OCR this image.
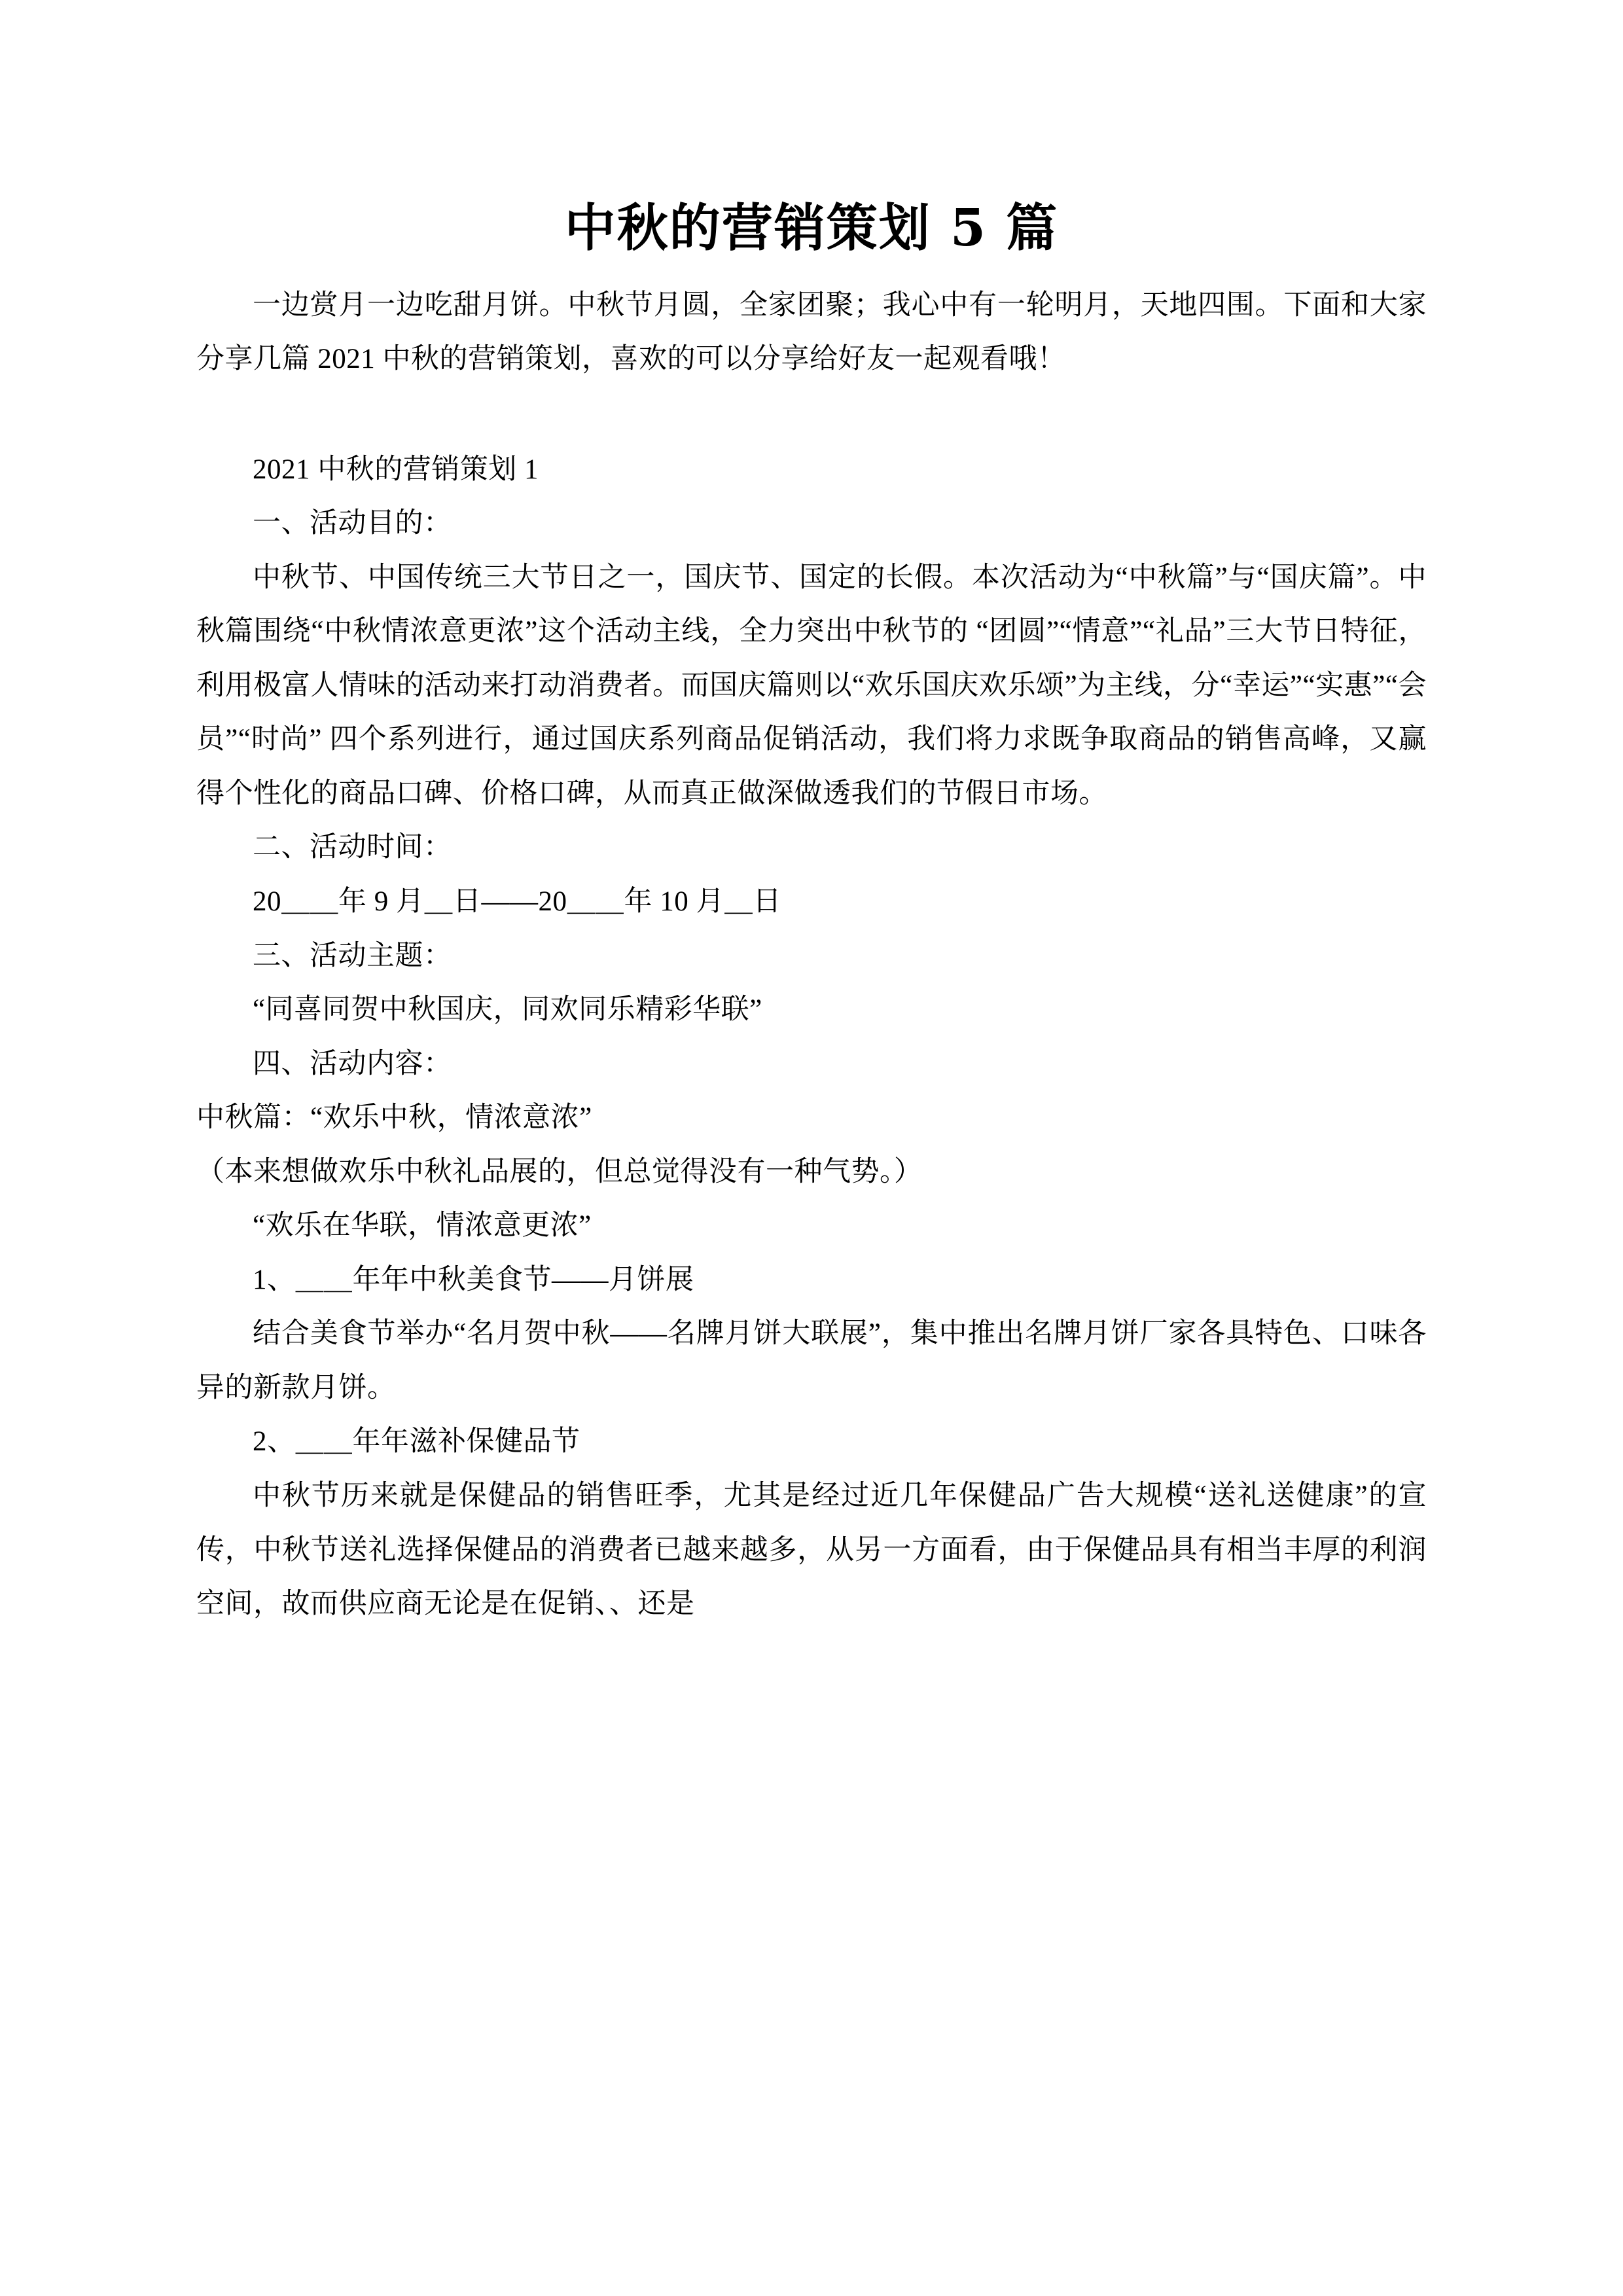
中秋的营销策划 5 篇

一边赏月一边吃甜月饼。中秋节月圆，全家团聚；我心中有一轮明月，天地四围。下面和大家分享几篇 2021 中秋的营销策划，喜欢的可以分享给好友一起观看哦！

2021 中秋的营销策划 1

一、活动目的：

中秋节、中国传统三大节日之一，国庆节、国定的长假。本次活动为“中秋篇”与“国庆篇”。中秋篇围绕“中秋情浓意更浓”这个活动主线，全力突出中秋节的 “团圆”“情意”“礼品”三大节日特征，利用极富人情味的活动来打动消费者。而国庆篇则以“欢乐国庆欢乐颂”为主线，分“幸运”“实惠”“会员”“时尚” 四个系列进行，通过国庆系列商品促销活动，我们将力求既争取商品的销售高峰，又赢得个性化的商品口碑、价格口碑，从而真正做深做透我们的节假日市场。

二、活动时间：

20＿＿年 9 月＿日——20＿＿年 10 月＿日

三、活动主题：

“同喜同贺中秋国庆，同欢同乐精彩华联”

四、活动内容：

中秋篇：“欢乐中秋，情浓意浓”

（本来想做欢乐中秋礼品展的，但总觉得没有一种气势。）

“欢乐在华联，情浓意更浓”

1、＿＿年年中秋美食节——月饼展

结合美食节举办“名月贺中秋——名牌月饼大联展”，集中推出名牌月饼厂家各具特色、口味各异的新款月饼。

2、＿＿年年滋补保健品节

中秋节历来就是保健品的销售旺季，尤其是经过近几年保健品广告大规模“送礼送健康”的宣传，中秋节送礼选择保健品的消费者已越来越多，从另一方面看，由于保健品具有相当丰厚的利润空间，故而供应商无论是在促销、、还是
